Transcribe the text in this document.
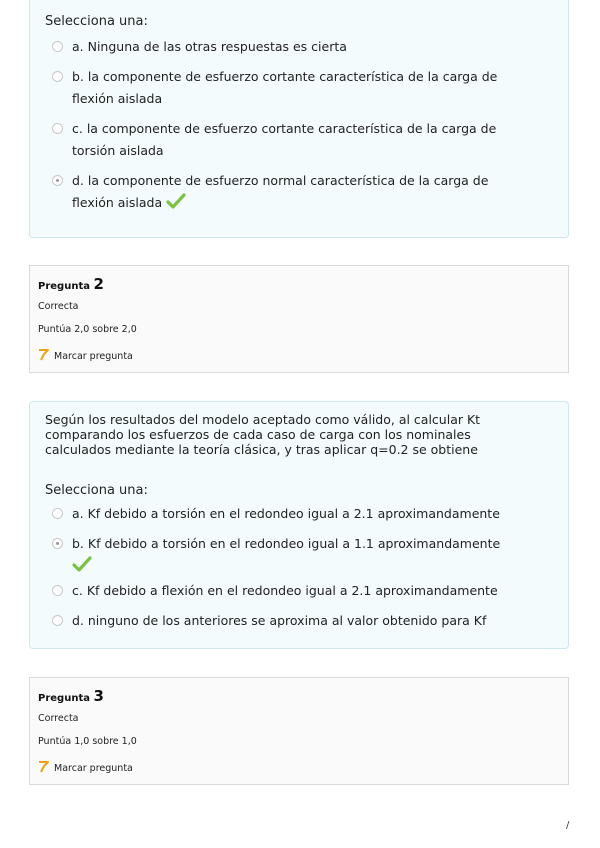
Selecciona una:
a. Ninguna de las otras respuestas es cierta
b. la componente de esfuerzo cortante característica de la carga de flexión aislada
c. la componente de esfuerzo cortante característica de la carga de torsión aislada
d. la componente de esfuerzo normal característica de la carga de flexión aislada
Pregunta 2
Correcta
Puntúa 2,0 sobre 2,0
Marcar pregunta
Según los resultados del modelo aceptado como válido, al calcular Kt comparando los esfuerzos de cada caso de carga con los nominales calculados mediante la teoría clásica, y tras aplicar q=0.2 se obtiene
Selecciona una:
a. Kf debido a torsión en el redondeo igual a 2.1 aproximandamente
b. Kf debido a torsión en el redondeo igual a 1.1 aproximandamente

c. Kf debido a flexión en el redondeo igual a 2.1 aproximandamente
d. ninguno de los anteriores se aproxima al valor obtenido para Kf
Pregunta 3
Correcta
Puntúa 1,0 sobre 1,0
Marcar pregunta
/
